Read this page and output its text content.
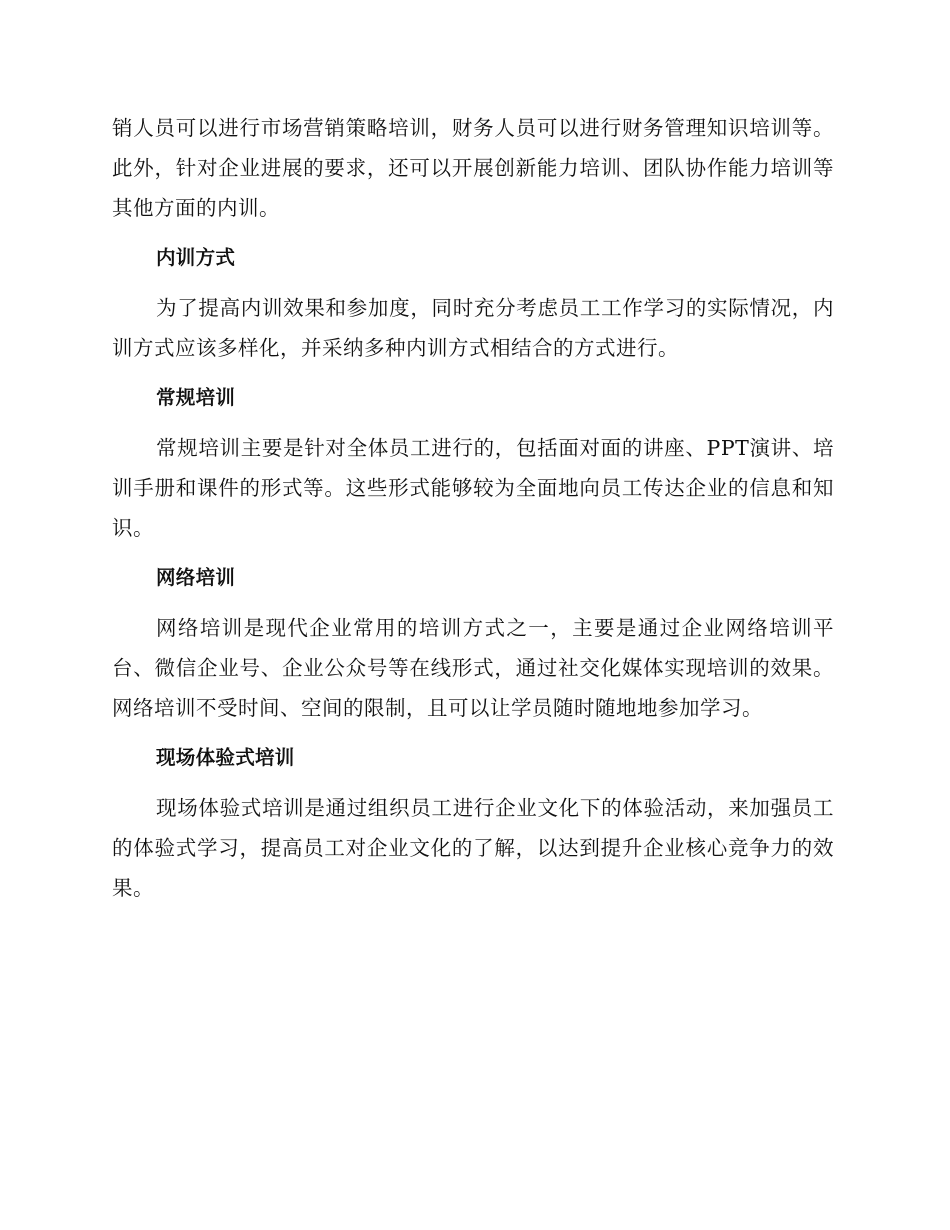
销人员可以进行市场营销策略培训，财务人员可以进行财务管理知识培训等。此外，针对企业进展的要求，还可以开展创新能力培训、团队协作能力培训等其他方面的内训。

内训方式

为了提高内训效果和参加度，同时充分考虑员工工作学习的实际情况，内训方式应该多样化，并采纳多种内训方式相结合的方式进行。

常规培训

常规培训主要是针对全体员工进行的，包括面对面的讲座、PPT演讲、培训手册和课件的形式等。这些形式能够较为全面地向员工传达企业的信息和知识。

网络培训

网络培训是现代企业常用的培训方式之一，主要是通过企业网络培训平台、微信企业号、企业公众号等在线形式，通过社交化媒体实现培训的效果。网络培训不受时间、空间的限制，且可以让学员随时随地地参加学习。

现场体验式培训

现场体验式培训是通过组织员工进行企业文化下的体验活动，来加强员工的体验式学习，提高员工对企业文化的了解，以达到提升企业核心竞争力的效果。
